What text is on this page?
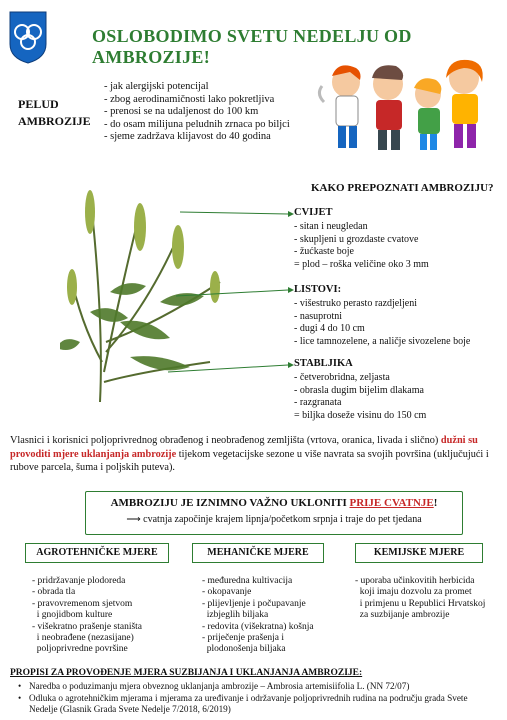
OSLOBODIMO SVETU NEDELJU OD AMBROZIJE!
PELUD AMBROZIJE
- jak alergijski potencijal
- zbog aerodinamičnosti lako pokretljiva
- prenosi se na udaljenost do 100 km
- do osam milijuna peludnih zrnaca po biljci
- sjeme zadržava klijavost do 40 godina
KAKO PREPOZNATI AMBROZIJU?
CVIJET
- sitan i neugledan
- skupljeni u grozdaste cvatove
- žućkaste boje
= plod – roška veličine oko 3 mm
LISTOVI:
- višestruko perasto razdjeljeni
- nasuprotni
- dugi 4 do 10 cm
- lice tamnozelene, a naličje sivozelene boje
STABLJIKA
- četverobridna, zeljasta
- obrasla dugim bijelim dlakama
- razgranata
= biljka doseže visinu do 150 cm
Vlasnici i korisnici poljoprivrednog obrađenog i neobrađenog zemljišta (vrtova, oranica, livada i slično) dužni su provoditi mjere uklanjanja ambrozije tijekom vegetacijske sezone u više navrata sa svojih površina (uključujući i rubove parcela, šuma i poljskih puteva).
AMBROZIJU JE IZNIMNO VAŽNO UKLONITI PRIJE CVATNJE!
⟶ cvatnja započinje krajem lipnja/početkom srpnja i traje do pet tjedana
AGROTEHNIČKE MJERE	MEHANIČKE MJERE	KEMIJSKE MJERE
- pridržavanje plodoreda
- obrada tla
- pravovremenom sjetvom
i gnojidbom kulture
- višekratno prašenje staništa
i neobrađene (nezasijane)
poljoprivredne površine
- međuredna kultivacija
- okopavanje
- plijevljenje i počupavanje
izbjeglih biljaka
- redovita (višekratna) košnja
- priječenje prašenja i
plodonošenja biljaka
- uporaba učinkovitih herbicida
koji imaju dozvolu za promet
i primjenu u Republici Hrvatskoj
za suzbijanje ambrozije
PROPISI ZA PROVOĐENJE MJERA SUZBIJANJA I UKLANJANJA AMBROZIJE:
• Naredba o poduzimanju mjera obveznog uklanjanja ambrozije – Ambrosia artemisiifolia L. (NN 72/07)
• Odluka o agrotehničkim mjerama i mjerama za uređivanje i održavanje poljoprivrednih rudina na području grada Svete Nedelje (Glasnik Grada Svete Nedelje 7/2018, 6/2019)
